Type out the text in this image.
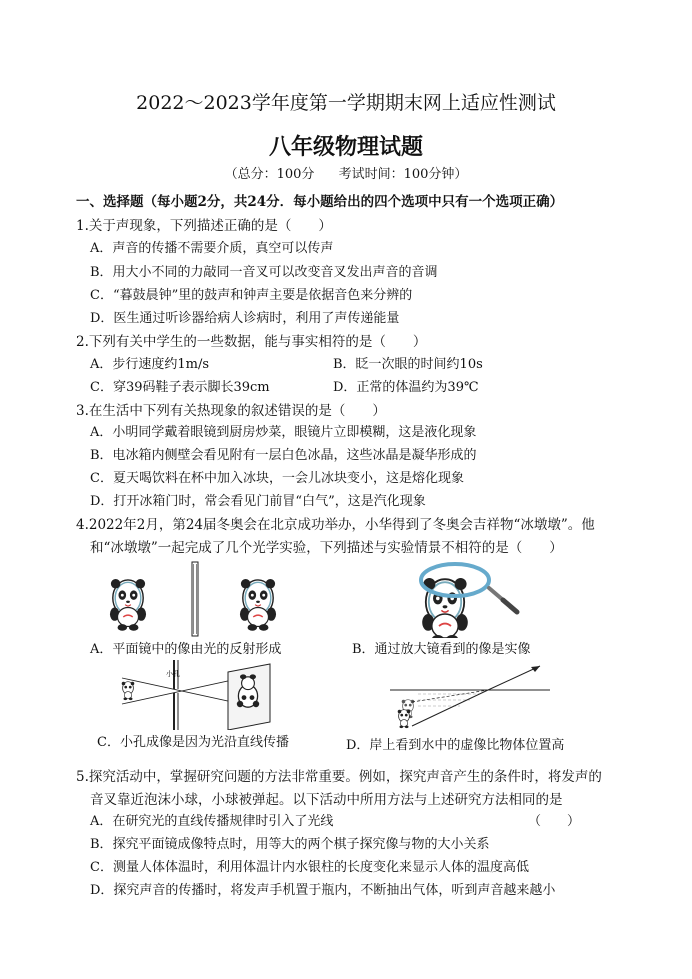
2022～2023学年度第一学期期末网上适应性测试
八年级物理试题
（总分：100分 考试时间：100分钟）
一、选择题（每小题2分，共24分．每小题给出的四个选项中只有一个选项正确）
1.关于声现象，下列描述正确的是（　　）
A．声音的传播不需要介质，真空可以传声
B．用大小不同的力敲同一音叉可以改变音叉发出声音的音调
C．“暮鼓晨钟”里的鼓声和钟声主要是依据音色来分辨的
D．医生通过听诊器给病人诊病时，利用了声传递能量
2.下列有关中学生的一些数据，能与事实相符的是（　　）
A．步行速度约1m/s	B．眨一次眼的时间约10s
C．穿39码鞋子表示脚长39cm	D．正常的体温约为39℃
3.在生活中下列有关热现象的叙述错误的是（　　）
A．小明同学戴着眼镜到厨房炒菜，眼镜片立即模糊，这是液化现象
B．电冰箱内侧壁会看见附有一层白色冰晶，这些冰晶是凝华形成的
C．夏天喝饮料在杯中加入冰块，一会儿冰块变小，这是熔化现象
D．打开冰箱门时，常会看见门前冒“白气”，这是汽化现象
4.2022年2月，第24届冬奥会在北京成功举办，小华得到了冬奥会吉祥物“冰墩墩”。他
和“冰墩墩”一起完成了几个光学实验，下列描述与实验情景不相符的是（　　）
A．平面镜中的像由光的反射形成	B．通过放大镜看到的像是实像
小孔
C．小孔成像是因为光沿直线传播	D．岸上看到水中的虚像比物体位置高
5.探究活动中，掌握研究问题的方法非常重要。例如，探究声音产生的条件时，将发声的
音叉靠近泡沫小球，小球被弹起。以下活动中所用方法与上述研究方法相同的是
A．在研究光的直线传播规律时引入了光线	（　　）
B．探究平面镜成像特点时，用等大的两个棋子探究像与物的大小关系
C．测量人体体温时，利用体温计内水银柱的长度变化来显示人体的温度高低
D．探究声音的传播时，将发声手机置于瓶内，不断抽出气体，听到声音越来越小
